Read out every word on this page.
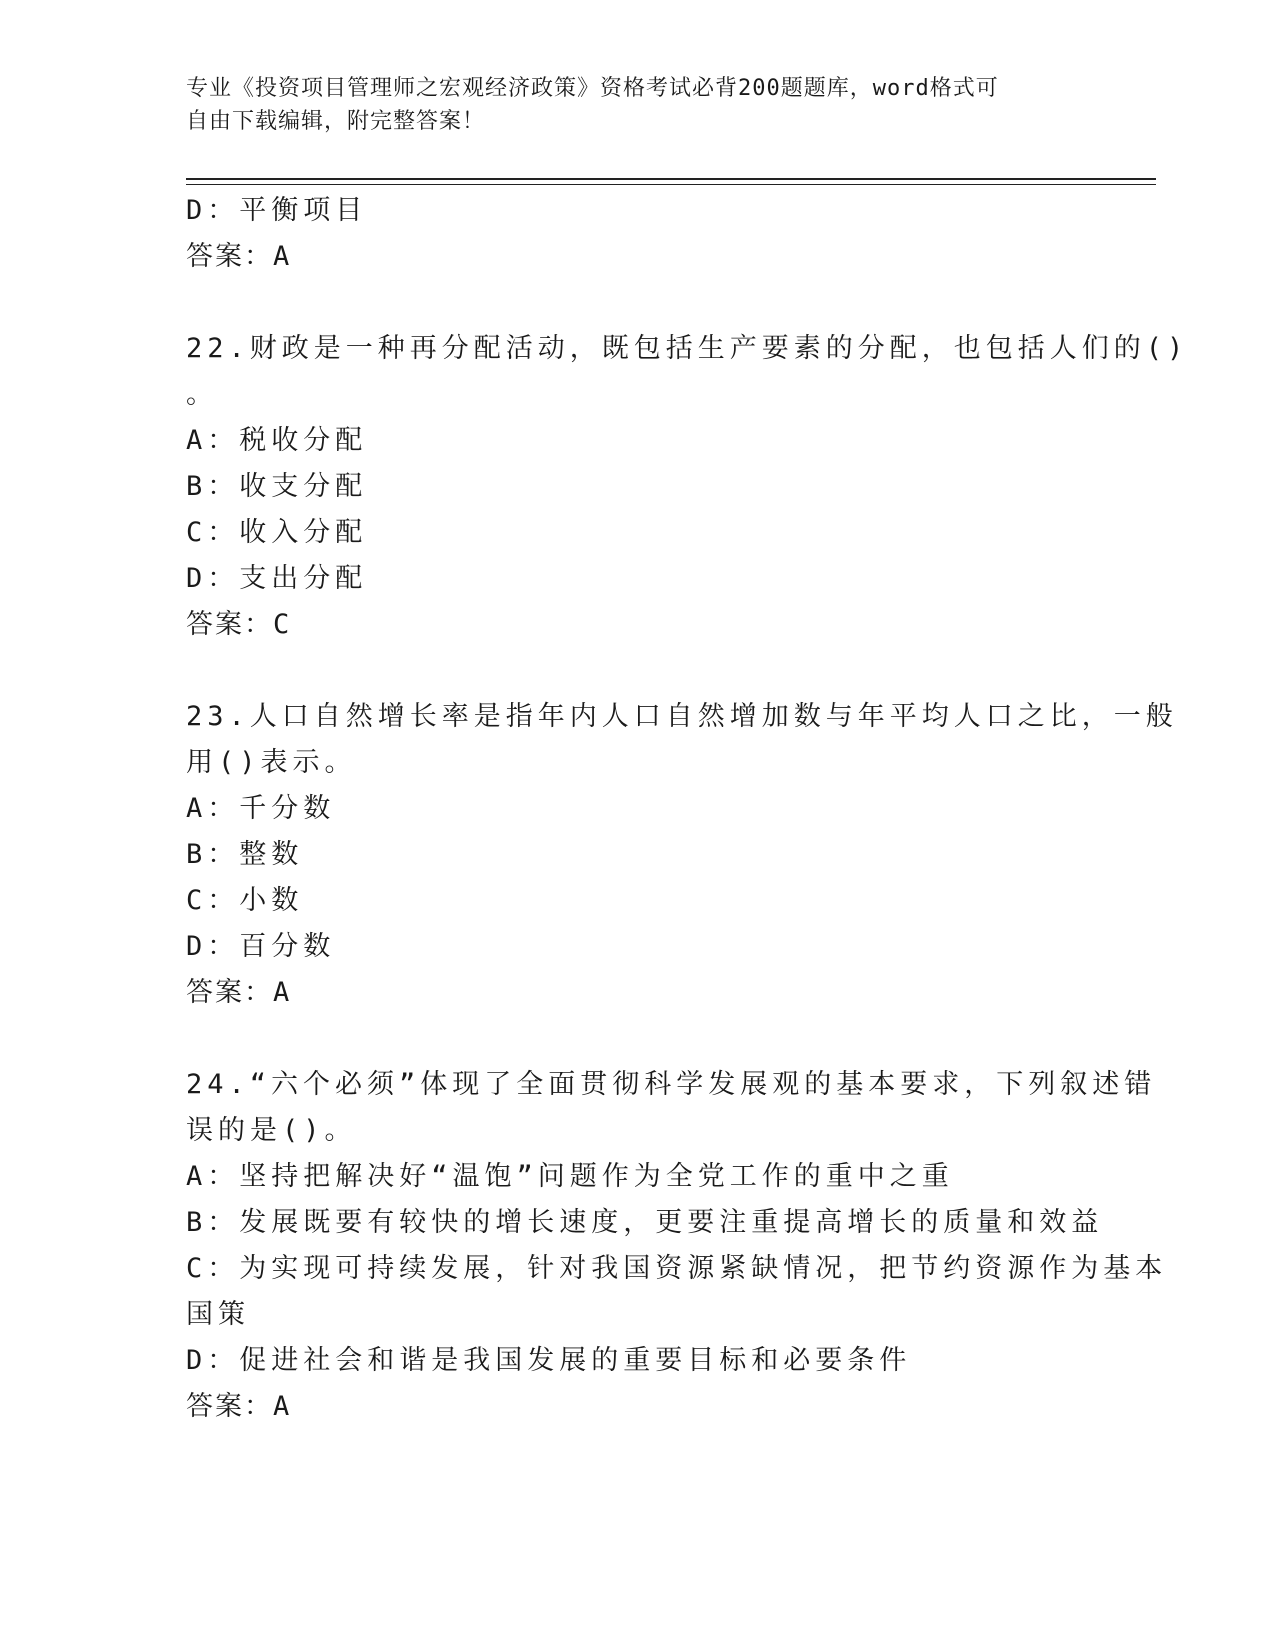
专业《投资项目管理师之宏观经济政策》资格考试必背200题题库，word格式可
自由下载编辑，附完整答案！
D：平衡项目
答案：A
22.财政是一种再分配活动，既包括生产要素的分配，也包括人们的()
。
A：税收分配
B：收支分配
C：收入分配
D：支出分配
答案：C
23.人口自然增长率是指年内人口自然增加数与年平均人口之比，一般
用()表示。
A：千分数
B：整数
C：小数
D：百分数
答案：A
24.“六个必须”体现了全面贯彻科学发展观的基本要求，下列叙述错
误的是()。
A：坚持把解决好“温饱”问题作为全党工作的重中之重
B：发展既要有较快的增长速度，更要注重提高增长的质量和效益
C：为实现可持续发展，针对我国资源紧缺情况，把节约资源作为基本
国策
D：促进社会和谐是我国发展的重要目标和必要条件
答案：A
